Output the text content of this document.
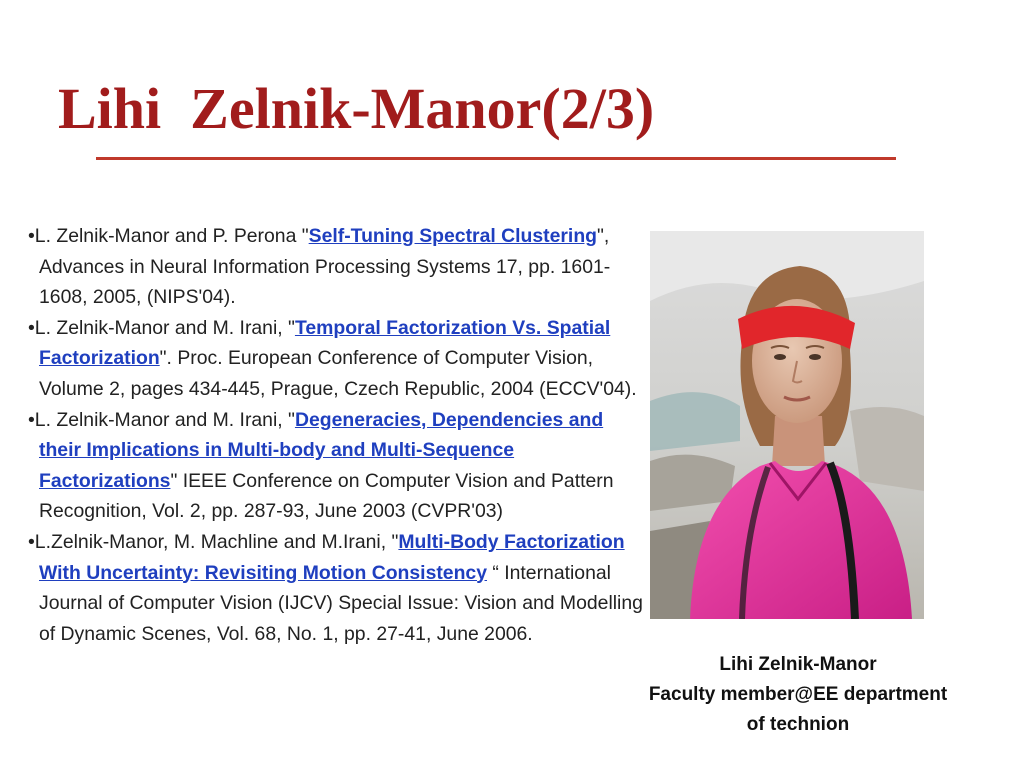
Lihi  Zelnik-Manor(2/3)

•L. Zelnik-Manor and P. Perona "Self-Tuning Spectral Clustering", Advances in Neural Information Processing Systems 17, pp. 1601-1608, 2005, (NIPS'04).

•L. Zelnik-Manor and M. Irani, "Temporal Factorization Vs. Spatial Factorization". Proc. European Conference of Computer Vision, Volume 2, pages 434-445, Prague, Czech Republic, 2004 (ECCV'04).

•L. Zelnik-Manor and M. Irani, "Degeneracies, Dependencies and their Implications in Multi-body and Multi-Sequence Factorizations" IEEE Conference on Computer Vision and Pattern Recognition, Vol. 2, pp. 287-93, June 2003 (CVPR'03)

•L.Zelnik-Manor, M. Machline and M.Irani, "Multi-Body Factorization With Uncertainty: Revisiting Motion Consistency “ International Journal of Computer Vision (IJCV) Special Issue: Vision and Modelling of Dynamic Scenes, Vol. 68, No. 1, pp. 27-41, June 2006.

Lihi Zelnik-Manor
Faculty member@EE department
of technion
